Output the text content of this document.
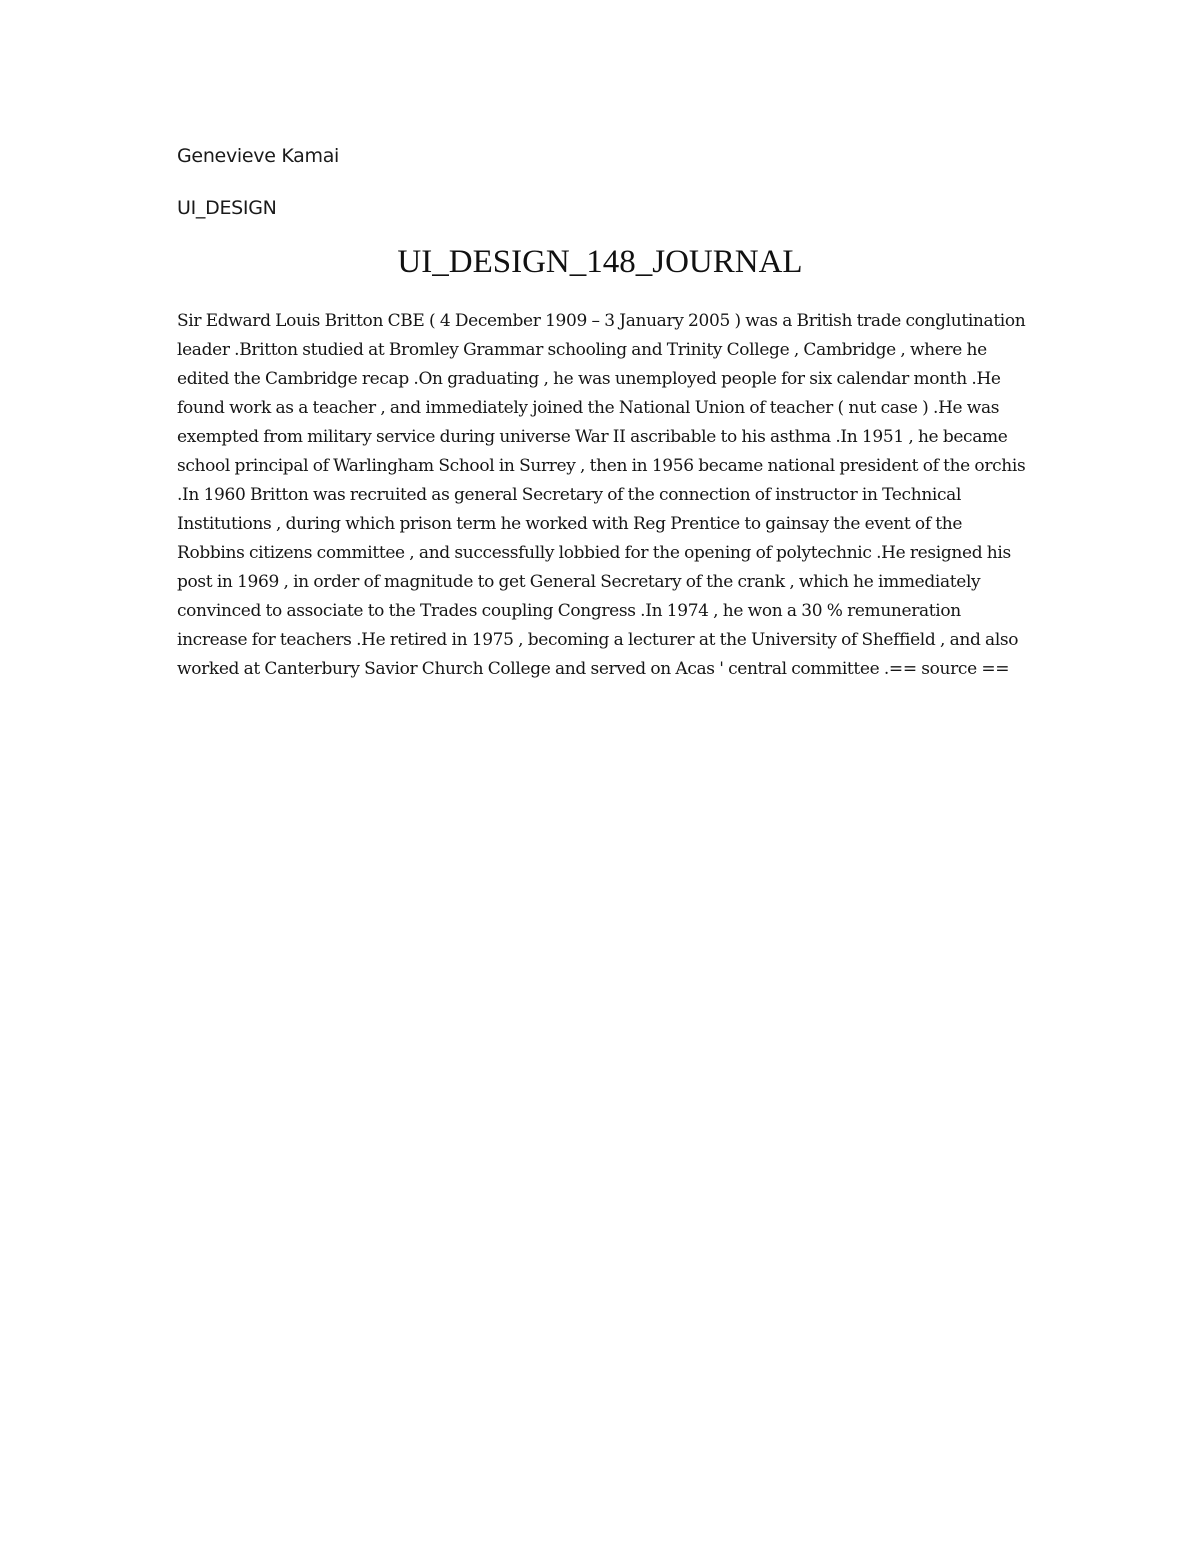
Genevieve Kamai
UI_DESIGN
UI_DESIGN_148_JOURNAL

Sir Edward Louis Britton CBE ( 4 December 1909 – 3 January 2005 ) was a British trade conglutination leader .Britton studied at Bromley Grammar schooling and Trinity College , Cambridge , where he edited the Cambridge recap .On graduating , he was unemployed people for six calendar month .He found work as a teacher , and immediately joined the National Union of teacher ( nut case ) .He was exempted from military service during universe War II ascribable to his asthma .In 1951 , he became school principal of Warlingham School in Surrey , then in 1956 became national president of the orchis .In 1960 Britton was recruited as general Secretary of the connection of instructor in Technical Institutions , during which prison term he worked with Reg Prentice to gainsay the event of the Robbins citizens committee , and successfully lobbied for the opening of polytechnic .He resigned his post in 1969 , in order of magnitude to get General Secretary of the crank , which he immediately convinced to associate to the Trades coupling Congress .In 1974 , he won a 30 % remuneration increase for teachers .He retired in 1975 , becoming a lecturer at the University of Sheffield , and also worked at Canterbury Savior Church College and served on Acas ' central committee .== source ==
